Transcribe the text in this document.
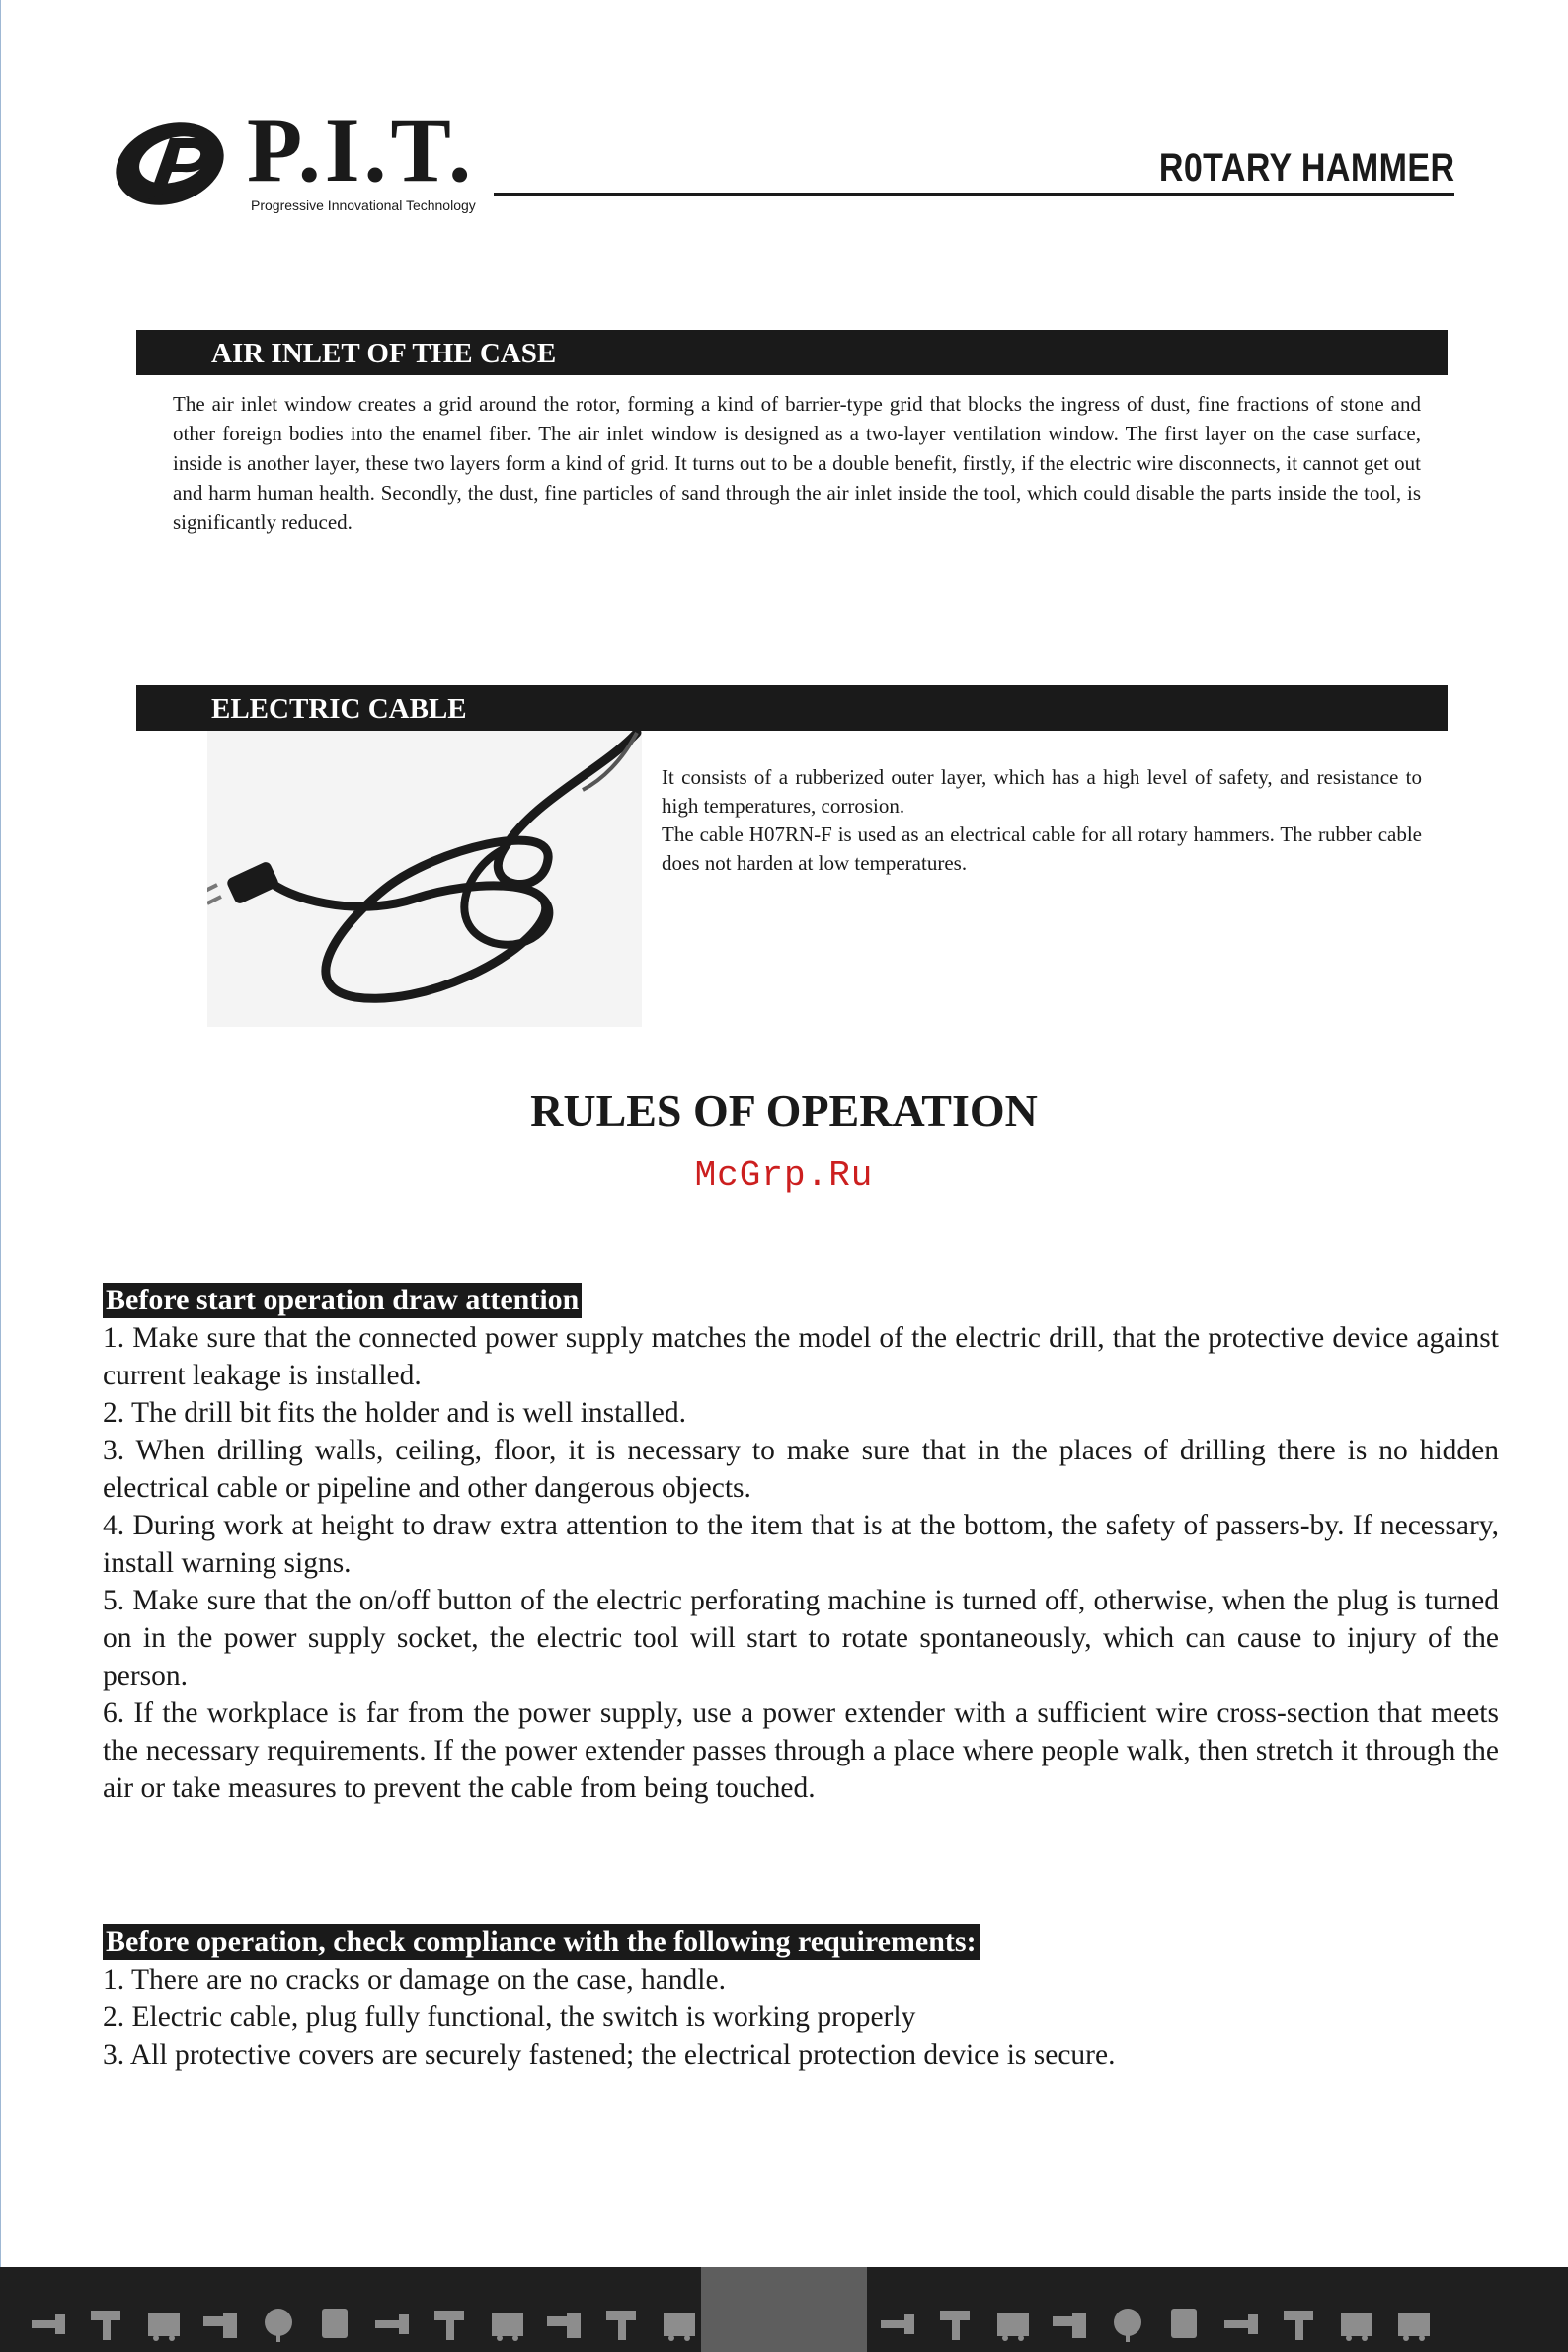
P.I.T.
Progressive Innovational Technology
R0TARY HAMMER
AIR INLET OF THE CASE
The air inlet window creates a grid around the rotor, forming a kind of barrier-type grid that blocks the ingress of dust, fine fractions of stone and other foreign bodies into the enamel fiber. The air inlet window is designed as a two-layer ventilation window. The first layer on the case surface, inside is another layer, these two layers form a kind of grid. It turns out to be a double benefit, firstly, if the electric wire disconnects, it cannot get out and harm human health. Secondly, the dust, fine particles of sand through the air inlet inside the tool, which could disable the parts inside the tool, is significantly reduced.
ELECTRIC CABLE
It consists of a rubberized outer layer, which has a high level of safety, and resistance to high temperatures, corrosion.
The cable H07RN-F is used as an electrical cable for all rotary hammers. The rubber cable does not harden at low temperatures.
RULES OF OPERATION
McGrp.Ru
Before start operation draw attention
1. Make sure that the connected power supply matches the model of the electric drill, that the protective device against current leakage is installed.
2. The drill bit fits the holder and is well installed.
3. When drilling walls, ceiling, floor, it is necessary to make sure that in the places of drilling there is no hidden electrical cable or pipeline and other dangerous objects.
4. During work at height to draw extra attention to the item that is at the bottom, the safety of passers-by. If necessary, install warning signs.
5. Make sure that the on/off button of the electric perforating machine is turned off, otherwise, when the plug is turned on in the power supply socket, the electric tool will start to rotate spontaneously, which can cause to injury of the person.
6. If the workplace is far from the power supply, use a power extender with a sufficient wire cross-section that meets the necessary requirements. If the power extender passes through a place where people walk, then stretch it through the air or take measures to prevent the cable from being touched.
Before operation, check compliance with the following requirements:
1. There are no cracks or damage on the case, handle.
2. Electric cable, plug fully functional, the switch is working properly
3. All protective covers are securely fastened; the electrical protection device is secure.
